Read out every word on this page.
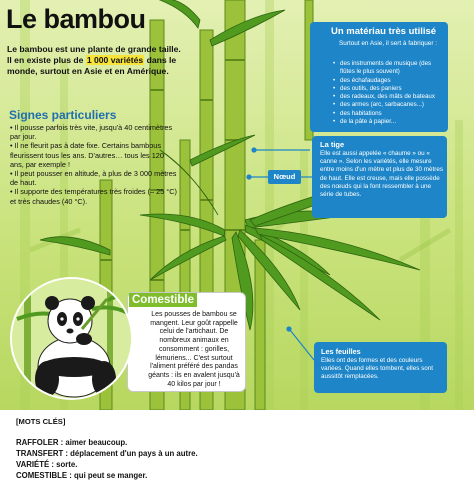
Le bambou
Le bambou est une plante de grande taille. Il en existe plus de 1 000 variétés dans le monde, surtout en Asie et en Amérique.
Signes particuliers
• Il pousse parfois très vite, jusqu'à 40 centimètres par jour.
• Il ne fleurit pas à date fixe. Certains bambous fleurissent tous les ans. D'autres… tous les 120 ans, par exemple !
• Il peut pousser en altitude, à plus de 3 000 mètres de haut.
• Il supporte des températures très froides (– 25 °C) et très chaudes (40 °C).
Un matériau très utilisé
Surtout en Asie, il sert à fabriquer :
• des instruments de musique (des flûtes le plus souvent)
• des échafaudages
• des outils, des paniers
• des radeaux, des mâts de bateaux
• des armes (arc, sarbacanes...)
• des habitations
• de la pâte à papier...
La tige
Elle est aussi appelée « chaume » ou « canne ». Selon les variétés, elle mesure entre moins d'un mètre et plus de 30 mètres de haut. Elle est creuse, mais elle possède des nœuds qui la font ressembler à une série de tubes.
Nœud
Les feuilles
Elles ont des formes et des couleurs variées. Quand elles tombent, elles sont aussitôt remplacées.
Comestible
Les pousses de bambou se mangent. Leur goût rappelle celui de l'artichaut. De nombreux animaux en consomment : gorilles, lémuriens... C'est surtout l'aliment préféré des pandas géants : ils en avalent jusqu'à 40 kilos par jour !
[MOTS CLÉS]
RAFFOLER : aimer beaucoup.
TRANSFERT : déplacement d'un pays à un autre.
VARIÉTÉ : sorte.
COMESTIBLE : qui peut se manger.
